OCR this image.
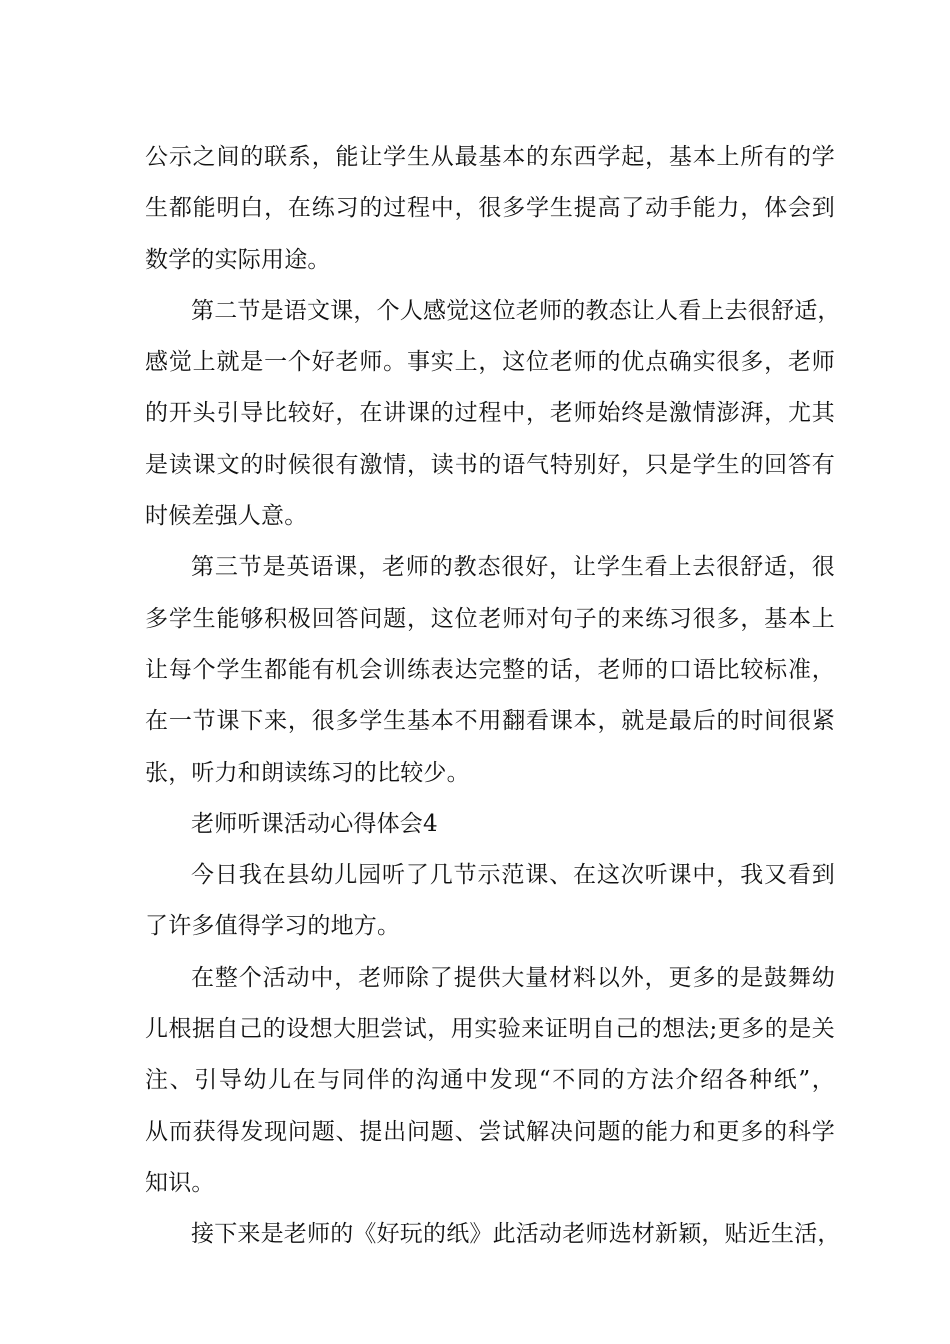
公示之间的联系，能让学生从最基本的东西学起，基本上所有的学
生都能明白，在练习的过程中，很多学生提高了动手能力，体会到
数学的实际用途。
第二节是语文课，个人感觉这位老师的教态让人看上去很舒适，
感觉上就是一个好老师。事实上，这位老师的优点确实很多，老师
的开头引导比较好，在讲课的过程中，老师始终是激情澎湃，尤其
是读课文的时候很有激情，读书的语气特别好，只是学生的回答有
时候差强人意。
第三节是英语课，老师的教态很好，让学生看上去很舒适，很
多学生能够积极回答问题，这位老师对句子的来练习很多，基本上
让每个学生都能有机会训练表达完整的话，老师的口语比较标准，
在一节课下来，很多学生基本不用翻看课本，就是最后的时间很紧
张，听力和朗读练习的比较少。
老师听课活动心得体会4
今日我在县幼儿园听了几节示范课、在这次听课中，我又看到
了许多值得学习的地方。
在整个活动中，老师除了提供大量材料以外，更多的是鼓舞幼
儿根据自己的设想大胆尝试，用实验来证明自己的想法;更多的是关
注、引导幼儿在与同伴的沟通中发现“不同的方法介绍各种纸”，
从而获得发现问题、提出问题、尝试解决问题的能力和更多的科学
知识。
接下来是老师的《好玩的纸》此活动老师选材新颖，贴近生活，
